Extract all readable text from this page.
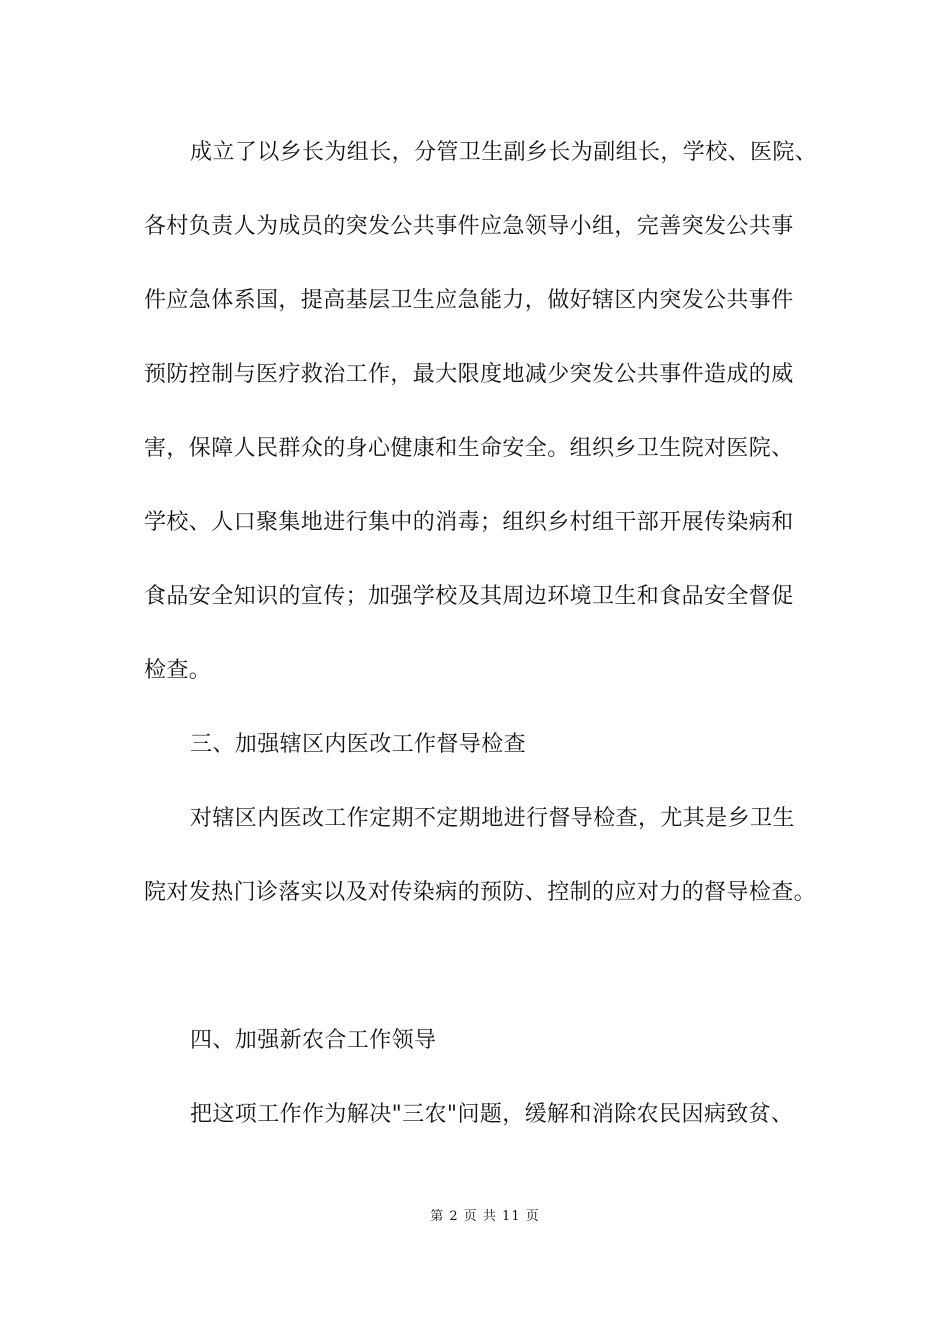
成立了以乡长为组长，分管卫生副乡长为副组长，学校、医院、
各村负责人为成员的突发公共事件应急领导小组，完善突发公共事
件应急体系国，提高基层卫生应急能力，做好辖区内突发公共事件
预防控制与医疗救治工作，最大限度地减少突发公共事件造成的威
害，保障人民群众的身心健康和生命安全。组织乡卫生院对医院、
学校、人口聚集地进行集中的消毒；组织乡村组干部开展传染病和
食品安全知识的宣传；加强学校及其周边环境卫生和食品安全督促
检查。
三、加强辖区内医改工作督导检查
对辖区内医改工作定期不定期地进行督导检查，尤其是乡卫生
院对发热门诊落实以及对传染病的预防、控制的应对力的督导检查。
四、加强新农合工作领导
把这项工作作为解决"三农"问题，缓解和消除农民因病致贫、
第 2 页 共 11 页
